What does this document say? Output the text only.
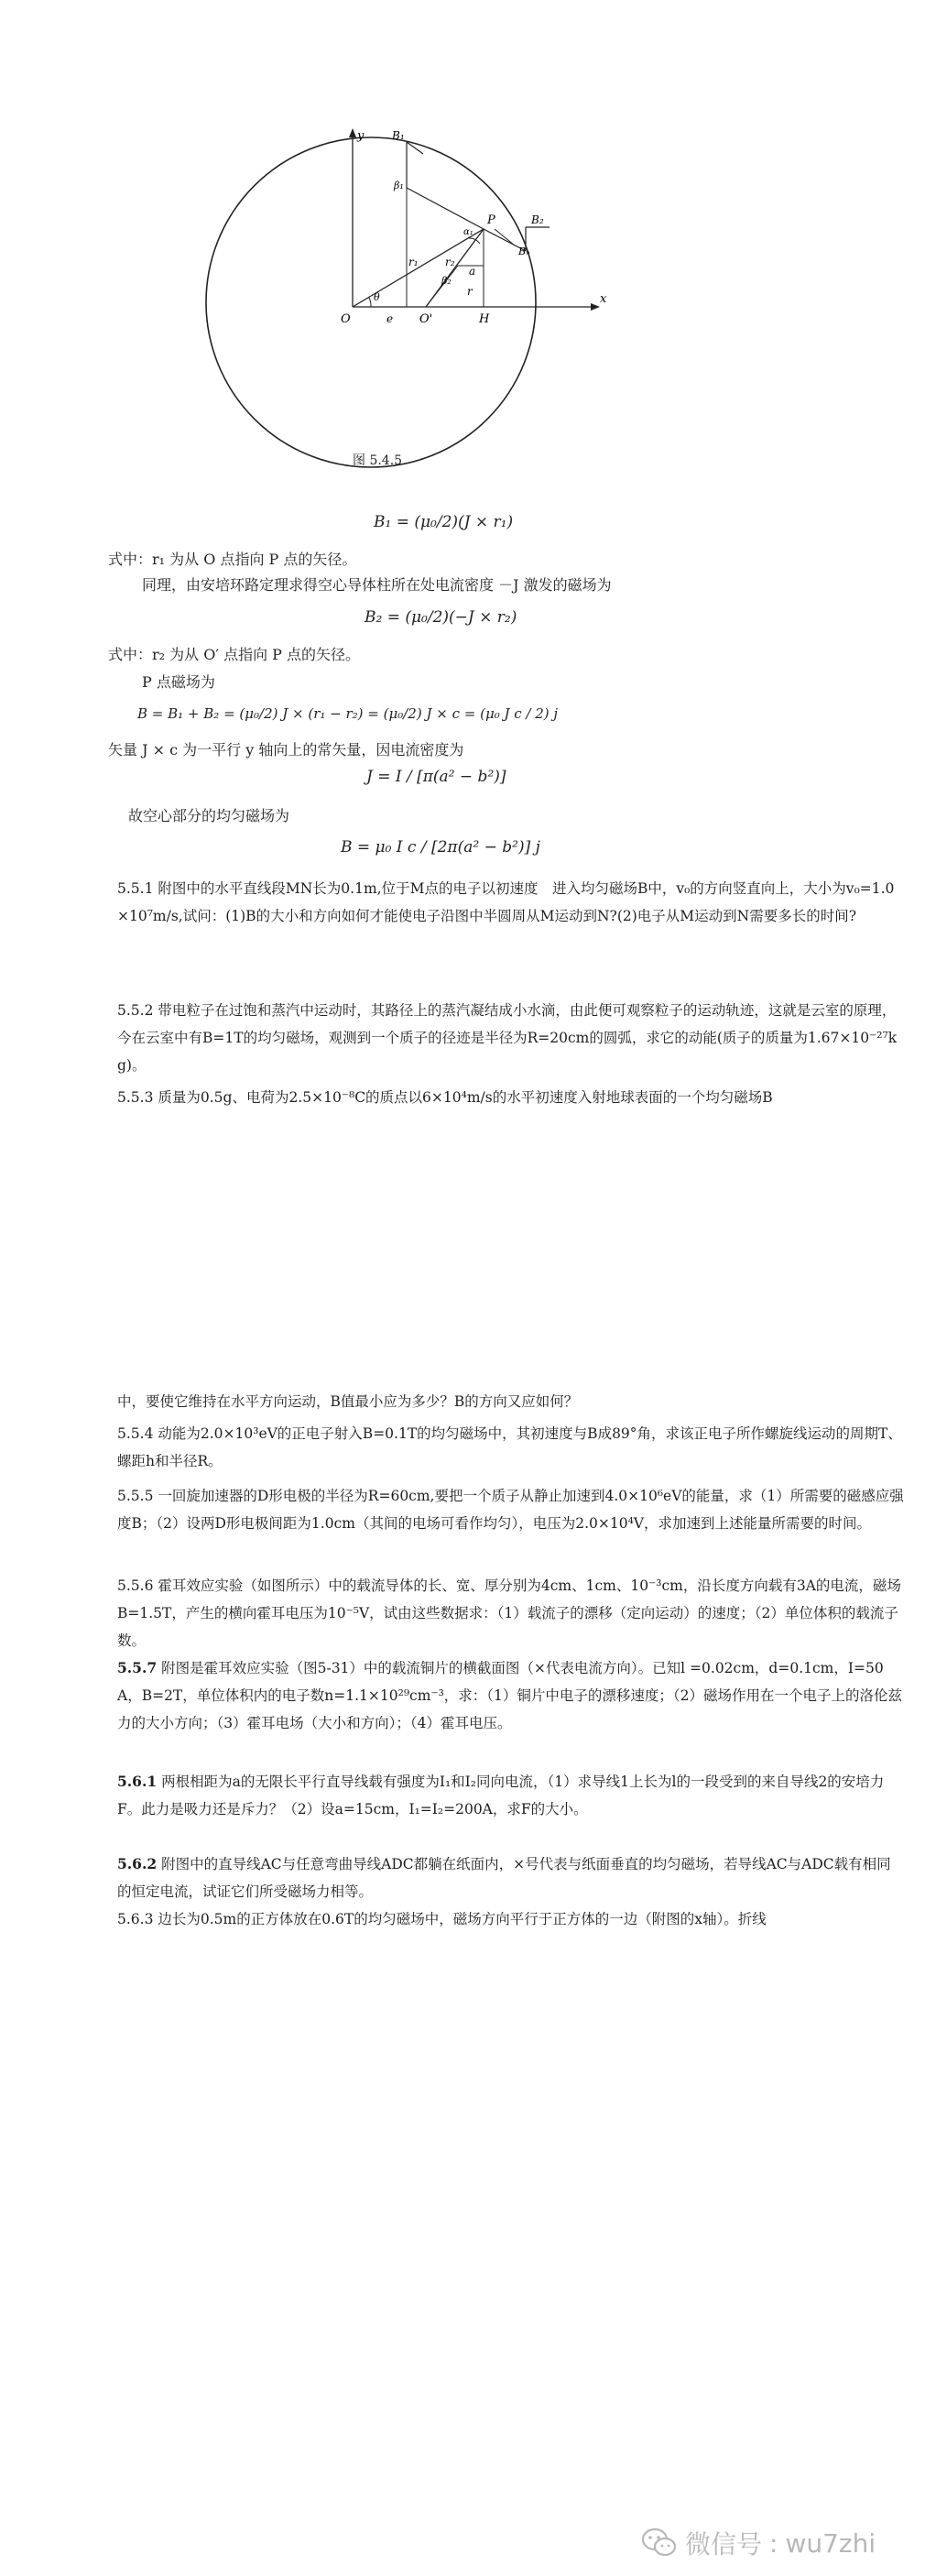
y
x
O	O'	H
P
B₁
B₂
Bₙ
β₁
β₂
r₁ r₂
a
r
e
θ
α₁
图 5.4.5
B₁ = (μ₀/2)(J × r₁)
式中：r₁ 为从 O 点指向 P 点的矢径。
同理，由安培环路定理求得空心导体柱所在处电流密度 －J 激发的磁场为
B₂ = (μ₀/2)(−J × r₂)
式中：r₂ 为从 O′ 点指向 P 点的矢径。
P 点磁场为
B = B₁ + B₂ = (μ₀/2) J × (r₁ − r₂) = (μ₀/2) J × c = (μ₀ J c / 2) j
矢量 J × c 为一平行 y 轴向上的常矢量，因电流密度为
J = I / [π(a² − b²)]
故空心部分的均匀磁场为
B = μ₀ I c / [2π(a² − b²)] j
5.5.1 附图中的水平直线段MN长为0.1m,位于M点的电子以初速度　进入均匀磁场B中，v₀的方向竖直向上，大小为v₀=1.0×10⁷m/s,试问：(1)B的大小和方向如何才能使电子沿图中半圆周从M运动到N?(2)电子从M运动到N需要多长的时间?
5.5.2 带电粒子在过饱和蒸汽中运动时，其路径上的蒸汽凝结成小水滴，由此便可观察粒子的运动轨迹，这就是云室的原理，今在云室中有B=1T的均匀磁场，观测到一个质子的径迹是半径为R=20cm的圆弧，求它的动能(质子的质量为1.67×10⁻²⁷kg)。
5.5.3 质量为0.5g、电荷为2.5×10⁻⁸C的质点以6×10⁴m/s的水平初速度入射地球表面的一个均匀磁场B
中，要使它维持在水平方向运动，B值最小应为多少？B的方向又应如何？
5.5.4 动能为2.0×10³eV的正电子射入B=0.1T的均匀磁场中，其初速度与B成89°角，求该正电子所作螺旋线运动的周期T、螺距h和半径R。
5.5.5 一回旋加速器的D形电极的半径为R=60cm,要把一个质子从静止加速到4.0×10⁶eV的能量，求（1）所需要的磁感应强度B；（2）设两D形电极间距为1.0cm（其间的电场可看作均匀），电压为2.0×10⁴V，求加速到上述能量所需要的时间。
5.5.6 霍耳效应实验（如图所示）中的载流导体的长、宽、厚分别为4cm、1cm、10⁻³cm，沿长度方向载有3A的电流，磁场B=1.5T，产生的横向霍耳电压为10⁻⁵V，试由这些数据求：（1）载流子的漂移（定向运动）的速度；（2）单位体积的载流子数。
5.5.7 附图是霍耳效应实验（图5-31）中的载流铜片的横截面图（×代表电流方向）。已知l =0.02cm，d=0.1cm，I=50A，B=2T，单位体积内的电子数n=1.1×10²⁹cm⁻³，求：（1）铜片中电子的漂移速度；（2）磁场作用在一个电子上的洛伦兹力的大小方向；（3）霍耳电场（大小和方向）；（4）霍耳电压。
5.6.1 两根相距为a的无限长平行直导线载有强度为I₁和I₂同向电流，（1）求导线1上长为l的一段受到的来自导线2的安培力F。此力是吸力还是斥力？（2）设a=15cm，I₁=I₂=200A，求F的大小。
5.6.2 附图中的直导线AC与任意弯曲导线ADC都躺在纸面内，×号代表与纸面垂直的均匀磁场，若导线AC与ADC载有相同的恒定电流，试证它们所受磁场力相等。
5.6.3 边长为0.5m的正方体放在0.6T的均匀磁场中，磁场方向平行于正方体的一边（附图的x轴）。折线
微信号 : wu7zhi
